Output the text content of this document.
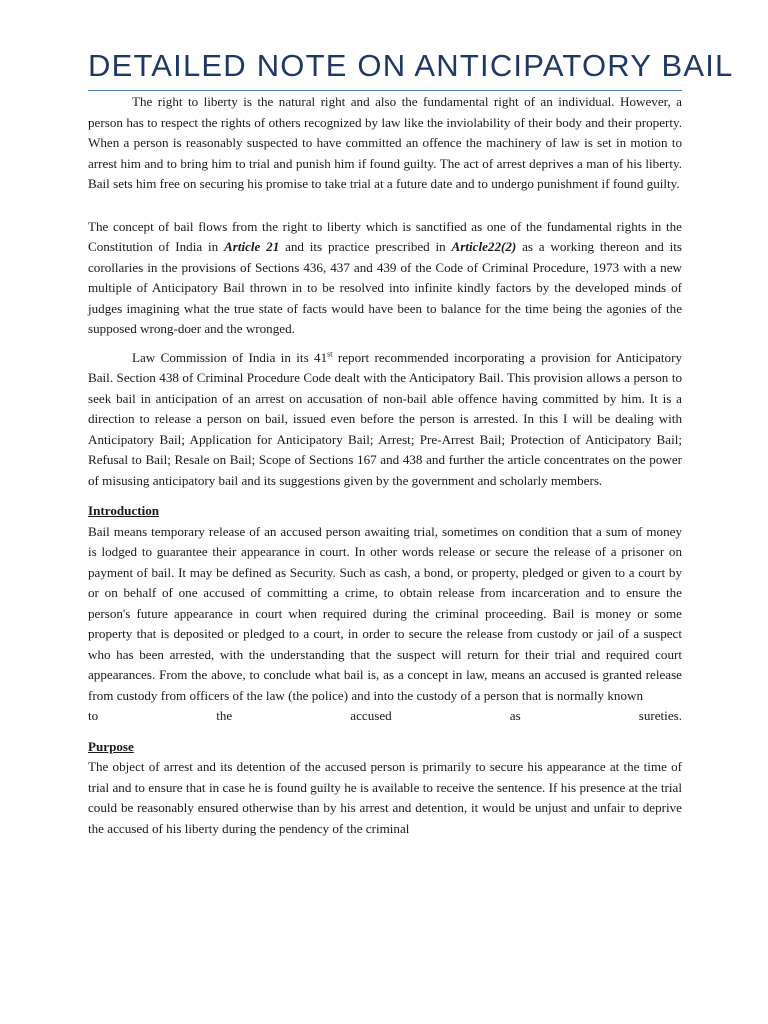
DETAILED NOTE ON ANTICIPATORY BAIL

The right to liberty is the natural right and also the fundamental right of an individual. However, a person has to respect the rights of others recognized by law like the inviolability of their body and their property. When a person is reasonably suspected to have committed an offence the machinery of law is set in motion to arrest him and to bring him to trial and punish him if found guilty. The act of arrest deprives a man of his liberty. Bail sets him free on securing his promise to take trial at a future date and to undergo punishment if found guilty.

The concept of bail flows from the right to liberty which is sanctified as one of the fundamental rights in the Constitution of India in Article 21 and its practice prescribed in Article22(2) as a working thereon and its corollaries in the provisions of Sections 436, 437 and 439 of the Code of Criminal Procedure, 1973 with a new multiple of Anticipatory Bail thrown in to be resolved into infinite kindly factors by the developed minds of judges imagining what the true state of facts would have been to balance for the time being the agonies of the supposed wrong-doer and the wronged.

Law Commission of India in its 41st report recommended incorporating a provision for Anticipatory Bail. Section 438 of Criminal Procedure Code dealt with the Anticipatory Bail. This provision allows a person to seek bail in anticipation of an arrest on accusation of non-bail able offence having committed by him. It is a direction to release a person on bail, issued even before the person is arrested. In this I will be dealing with Anticipatory Bail; Application for Anticipatory Bail; Arrest; Pre-Arrest Bail; Protection of Anticipatory Bail; Refusal to Bail; Resale on Bail; Scope of Sections 167 and 438 and further the article concentrates on the power of misusing anticipatory bail and its suggestions given by the government and scholarly members.

Introduction

Bail means temporary release of an accused person awaiting trial, sometimes on condition that a sum of money is lodged to guarantee their appearance in court. In other words release or secure the release of a prisoner on payment of bail. It may be defined as Security. Such as cash, a bond, or property, pledged or given to a court by or on behalf of one accused of committing a crime, to obtain release from incarceration and to ensure the person's future appearance in court when required during the criminal proceeding. Bail is money or some property that is deposited or pledged to a court, in order to secure the release from custody or jail of a suspect who has been arrested, with the understanding that the suspect will return for their trial and required court appearances. From the above, to conclude what bail is, as a concept in law, means an accused is granted release from custody from officers of the law (the police) and into the custody of a person that is normally known

to the accused as sureties.

Purpose

The object of arrest and its detention of the accused person is primarily to secure his appearance at the time of trial and to ensure that in case he is found guilty he is available to receive the sentence. If his presence at the trial could be reasonably ensured otherwise than by his arrest and detention, it would be unjust and unfair to deprive the accused of his liberty during the pendency of the criminal
